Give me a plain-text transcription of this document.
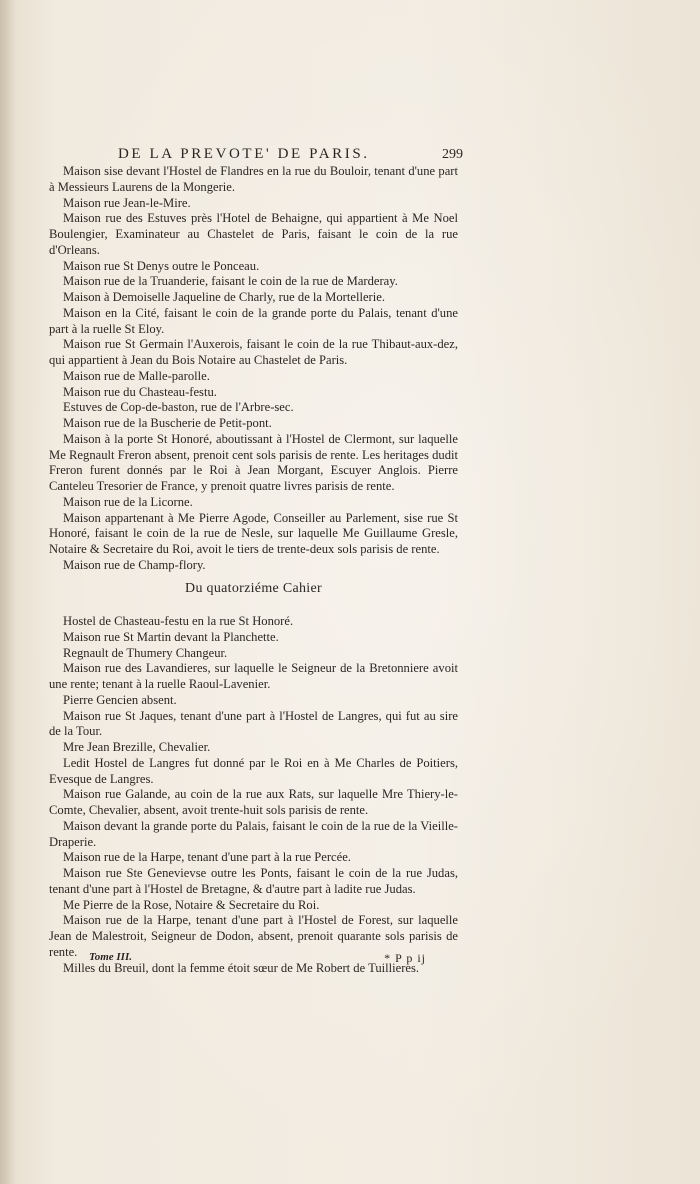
DE LA PREVOTE' DE PARIS.	299

Maison sise devant l'Hostel de Flandres en la rue du Bouloir, tenant d'une part à Messieurs Laurens de la Mongerie.

Maison rue Jean-le-Mire.

Maison rue des Estuves près l'Hotel de Behaigne, qui appartient à Me Noel Boulengier, Examinateur au Chastelet de Paris, faisant le coin de la rue d'Orleans.

Maison rue St Denys outre le Ponceau.

Maison rue de la Truanderie, faisant le coin de la rue de Marderay.

Maison à Demoiselle Jaqueline de Charly, rue de la Mortellerie.

Maison en la Cité, faisant le coin de la grande porte du Palais, tenant d'une part à la ruelle St Eloy.

Maison rue St Germain l'Auxerois, faisant le coin de la rue Thibaut-aux-dez, qui appartient à Jean du Bois Notaire au Chastelet de Paris.

Maison rue de Malle-parolle.

Maison rue du Chasteau-festu.

Estuves de Cop-de-baston, rue de l'Arbre-sec.

Maison rue de la Buscherie de Petit-pont.

Maison à la porte St Honoré, aboutissant à l'Hostel de Clermont, sur laquelle Me Regnault Freron absent, prenoit cent sols parisis de rente. Les heritages dudit Freron furent donnés par le Roi à Jean Morgant, Escuyer Anglois. Pierre Canteleu Tresorier de France, y prenoit quatre livres parisis de rente.

Maison rue de la Licorne.

Maison appartenant à Me Pierre Agode, Conseiller au Parlement, sise rue St Honoré, faisant le coin de la rue de Nesle, sur laquelle Me Guillaume Gresle, Notaire & Secretaire du Roi, avoit le tiers de trente-deux sols parisis de rente.

Maison rue de Champ-flory.

Du quatorziéme Cahier

Hostel de Chasteau-festu en la rue St Honoré.

Maison rue St Martin devant la Planchette.

Regnault de Thumery Changeur.

Maison rue des Lavandieres, sur laquelle le Seigneur de la Bretonniere avoit une rente; tenant à la ruelle Raoul-Lavenier.

Pierre Gencien absent.

Maison rue St Jaques, tenant d'une part à l'Hostel de Langres, qui fut au sire de la Tour.

Mre Jean Brezille, Chevalier.

Ledit Hostel de Langres fut donné par le Roi en à Me Charles de Poitiers, Evesque de Langres.

Maison rue Galande, au coin de la rue aux Rats, sur laquelle Mre Thiery-le-Comte, Chevalier, absent, avoit trente-huit sols parisis de rente.

Maison devant la grande porte du Palais, faisant le coin de la rue de la Vieille-Draperie.

Maison rue de la Harpe, tenant d'une part à la rue Percée.

Maison rue Ste Genevievse outre les Ponts, faisant le coin de la rue Judas, tenant d'une part à l'Hostel de Bretagne, & d'autre part à ladite rue Judas.

Me Pierre de la Rose, Notaire & Secretaire du Roi.

Maison rue de la Harpe, tenant d'une part à l'Hostel de Forest, sur laquelle Jean de Malestroit, Seigneur de Dodon, absent, prenoit quarante sols parisis de rente.

Milles du Breuil, dont la femme étoit sœur de Me Robert de Tuillieres.

Tome III.	* P p ij
